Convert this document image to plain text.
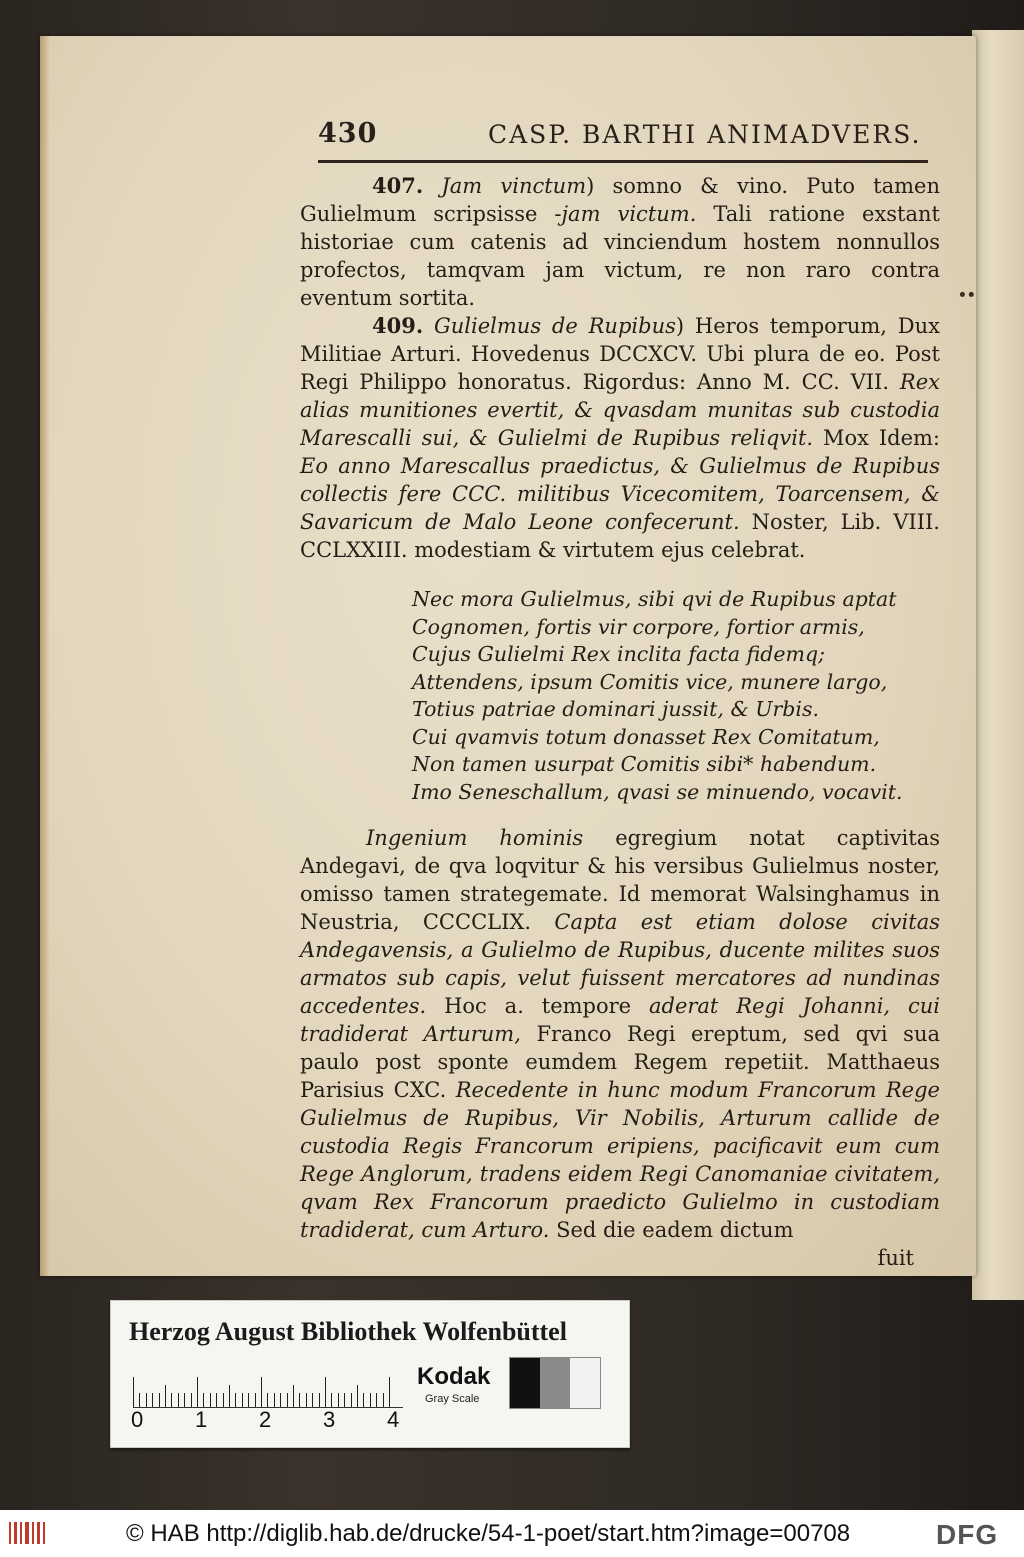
430	CASP. BARTHI ANIMADVERS.
∙∙

407. Jam vinctum) somno & vino. Puto tamen Gulielmum scripsisse -jam victum. Tali ratione exstant historiae cum catenis ad vinciendum hostem nonnullos profectos, tamqvam jam victum, re non raro contra eventum sortita.

409. Gulielmus de Rupibus) Heros temporum, Dux Militiae Arturi. Hovedenus DCCXCV. Ubi plura de eo. Post Regi Philippo honoratus. Rigordus: Anno M. CC. VII. Rex alias munitiones evertit, & qvasdam munitas sub custodia Marescalli sui, & Gulielmi de Rupibus reliqvit. Mox Idem: Eo anno Marescallus praedictus, & Gulielmus de Rupibus collectis fere CCC. militibus Vicecomitem, Toarcensem, & Savaricum de Malo Leone confecerunt. Noster, Lib. VIII. CCLXXIII. modestiam & virtutem ejus celebrat.

Nec mora Gulielmus, sibi qvi de Rupibus aptat
Cognomen, fortis vir corpore, fortior armis,
Cujus Gulielmi Rex inclita facta fidemq;
Attendens, ipsum Comitis vice, munere largo,
Totius patriae dominari jussit, & Urbis.
Cui qvamvis totum donasset Rex Comitatum,
Non tamen usurpat Comitis sibi* habendum.
Imo Seneschallum, qvasi se minuendo, vocavit.

Ingenium hominis egregium notat captivitas Andegavi, de qva loqvitur & his versibus Gulielmus noster, omisso tamen strategemate. Id memorat Walsinghamus in Neustria, CCCCLIX. Capta est etiam dolose civitas Andegavensis, a Gulielmo de Rupibus, ducente milites suos armatos sub capis, velut fuissent mercatores ad nundinas accedentes. Hoc a. tempore aderat Regi Johanni, cui tradiderat Arturum, Franco Regi ereptum, sed qvi sua paulo post sponte eumdem Regem repetiit. Matthaeus Parisius CXC. Recedente in hunc modum Francorum Rege Gulielmus de Rupibus, Vir Nobilis, Arturum callide de custodia Regis Francorum eripiens, pacificavit eum cum Rege Anglorum, tradens eidem Regi Canomaniae civitatem, qvam Rex Francorum praedicto Gulielmo in custodiam tradiderat, cum Arturo. Sed die eadem dictum

fuit
Herzog August Bibliothek Wolfenbüttel
0 1 2 3 4
Kodak
Gray Scale
© HAB http://diglib.hab.de/drucke/54-1-poet/start.htm?image=00708	DFG
